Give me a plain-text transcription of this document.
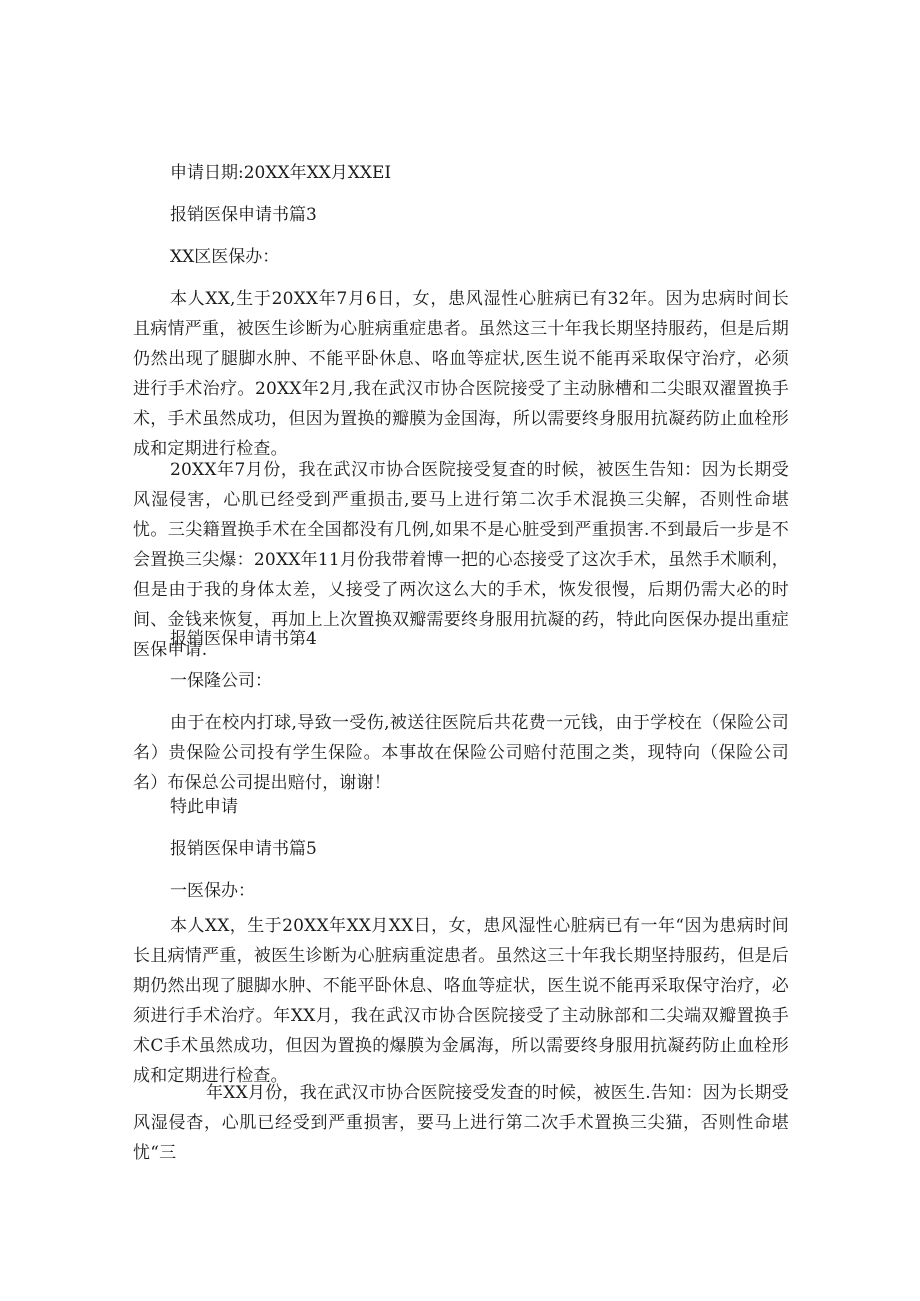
申请日期:20XX年XX月XXEI

报销医保申请书篇3

XX区医保办：

本人XX,生于20XX年7月6日，女，患风湿性心脏病已有32年。因为忠病时间长且病情严重，被医生诊断为心脏病重症患者。虽然这三十年我长期坚持服药，但是后期仍然出现了腿脚水肿、不能平卧休息、咯血等症状,医生说不能再采取保守治疗，必须进行手术治疗。20XX年2月,我在武汉市协合医院接受了主动脉槽和二尖眼双濯置换手术，手术虽然成功，但因为置换的瓣膜为金国海，所以需要终身服用抗凝药防止血栓形成和定期进行检查。

20XX年7月份，我在武汉市协合医院接受复査的时候，被医生告知：因为长期受风湿侵害，心肌已经受到严重损击,要马上进行第二次手术混换三尖解，否则性命堪忧。三尖籍置换手术在全国都没有几例,如果不是心脏受到严重损害.不到最后一步是不会置换三尖爆：20XX年11月份我带着博一把的心态接受了这次手术，虽然手术顺利，但是由于我的身体太差，乂接受了两次这么大的手术，恢发很慢，后期仍需大必的时间、金钱来恢复，再加上上次置换双瓣需要终身服用抗凝的药，特此向医保办提出重症医保申请.

报销医保申请书第4

一保隆公司：

由于在校内打球,导致一受伤,被送往医院后共花费一元钱，由于学校在（保险公司名）贵保险公司投有学生保险。本事故在保险公司赔付范围之类，现特向（保险公司名）布保总公司提出赔付，谢谢！

特此申请

报销医保申请书篇5

一医保办：

本人XX，生于20XX年XX月XX日，女，患风湿性心脏病已有一年“因为患病时间长且病情严重，被医生诊断为心脏病重淀患者。虽然这三十年我长期坚持服药，但是后期仍然出现了腿脚水肿、不能平卧休息、咯血等症状，医生说不能再采取保守治疗，必须进行手术治疗。年XX月，我在武汉市协合医院接受了主动脉部和二尖端双瓣置换手术C手术虽然成功，但因为置换的爆膜为金属海，所以需要终身服用抗凝药防止血栓形成和定期进行检查。

年XX月份，我在武汉市协合医院接受发査的时候，被医生.告知：因为长期受风湿侵杳，心肌已经受到严重损害，要马上进行第二次手术置换三尖猫，否则性命堪忧“三
